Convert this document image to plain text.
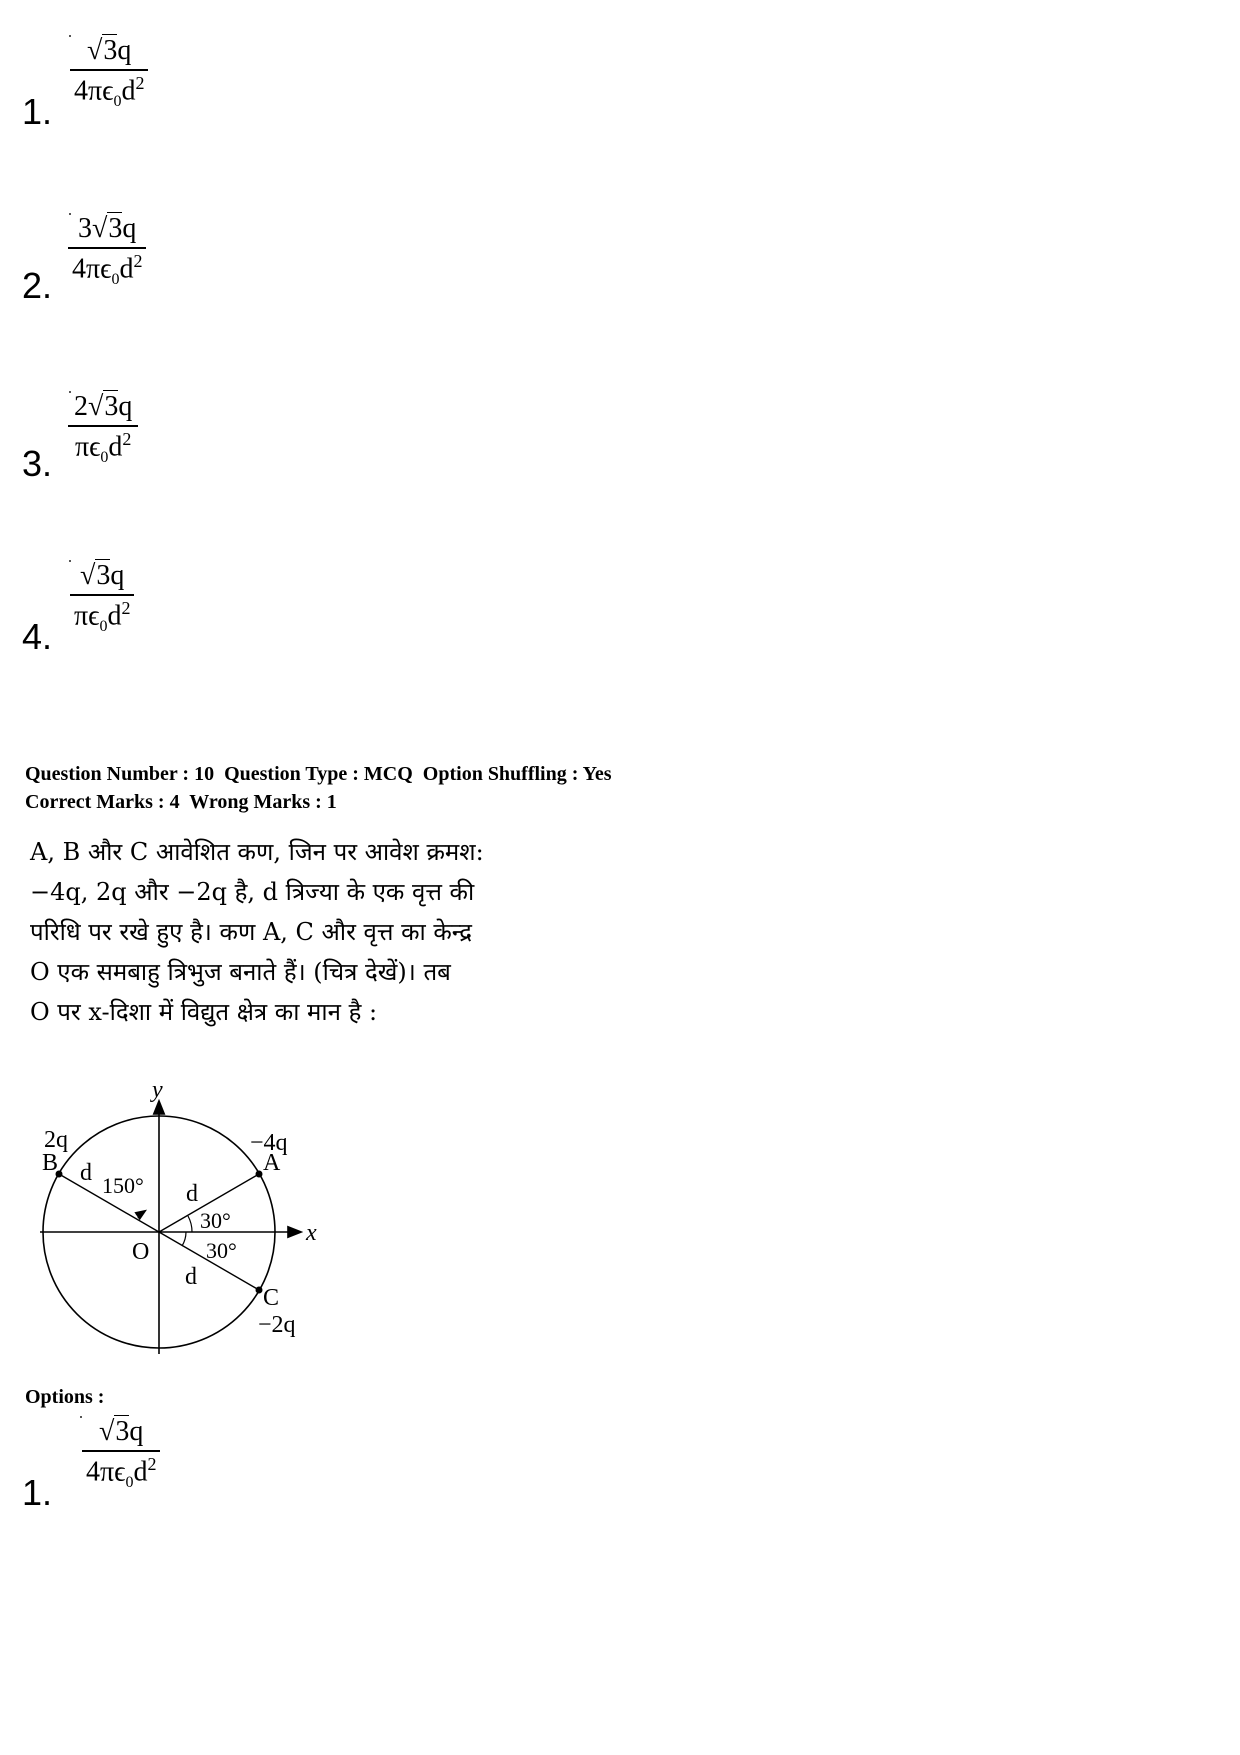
1.
√3q
$4\pi\epsilon_0d^2$
2.
3√3q
$4\pi\epsilon_0d^2$
3.
2√3q
$\pi\epsilon_0d^2$
4.
√3q
$\pi\epsilon_0d^2$
Question Number : 10  Question Type : MCQ  Option Shuffling : Yes
Correct Marks : 4  Wrong Marks : 1
A, B और C आवेशित कण, जिन पर आवेश क्रमश:
−4q, 2q और −2q है, d त्रिज्या के एक वृत्त की
परिधि पर रखे हुए है। कण A, C और वृत्त का केन्द्र
O एक समबाहु त्रिभुज बनाते हैं। (चित्र देखें)। तब
O पर x-दिशा में विद्युत क्षेत्र का मान है :
y
x
O
2q
B
−4q
A
C
−2q
d
d
d
150°
30°
30°
Options :
1.
√3q
$4\pi\epsilon_0d^2$
